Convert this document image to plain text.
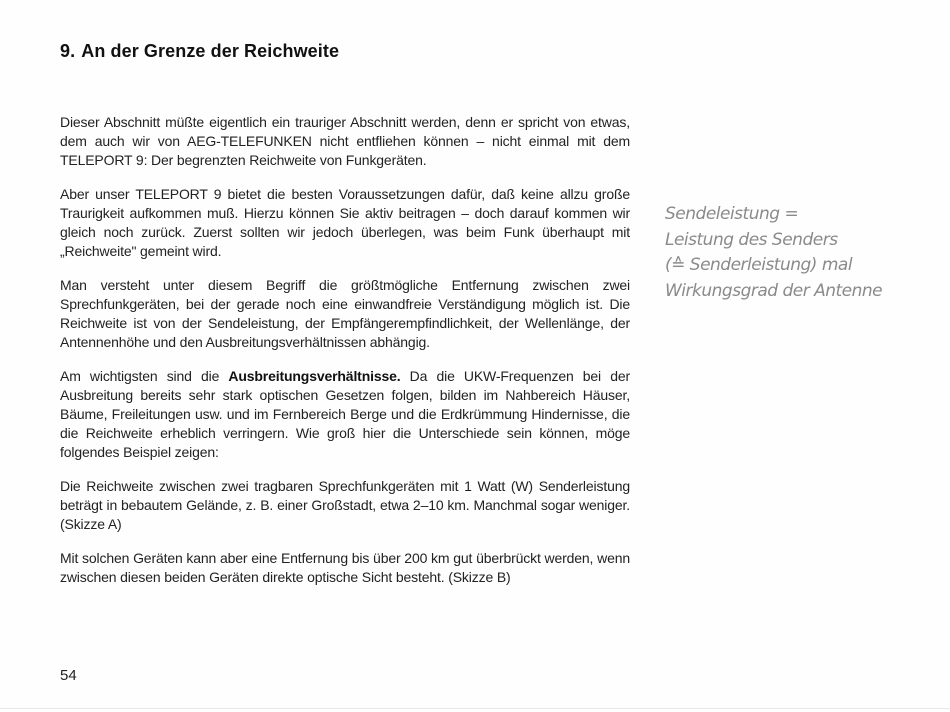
9. An der Grenze der Reichweite

Dieser Abschnitt müßte eigentlich ein trauriger Abschnitt werden, denn er spricht von etwas, dem auch wir von AEG-TELEFUNKEN nicht entfliehen können – nicht einmal mit dem TELEPORT 9: Der begrenzten Reichweite von Funkgeräten.

Aber unser TELEPORT 9 bietet die besten Voraussetzungen dafür, daß keine allzu große Traurigkeit aufkommen muß. Hierzu können Sie aktiv beitragen – doch darauf kommen wir gleich noch zurück. Zuerst sollten wir jedoch überlegen, was beim Funk überhaupt mit „Reichweite" gemeint wird.

Man versteht unter diesem Begriff die größtmögliche Entfernung zwischen zwei Sprechfunkgeräten, bei der gerade noch eine einwandfreie Verständigung möglich ist. Die Reichweite ist von der Sendeleistung, der Empfängerempfindlichkeit, der Wellenlänge, der Antennenhöhe und den Ausbreitungsverhältnissen abhängig.

Am wichtigsten sind die Ausbreitungsverhältnisse. Da die UKW-Frequenzen bei der Ausbreitung bereits sehr stark optischen Gesetzen folgen, bilden im Nahbereich Häuser, Bäume, Freileitungen usw. und im Fernbereich Berge und die Erdkrümmung Hindernisse, die die Reichweite erheblich verringern. Wie groß hier die Unterschiede sein können, möge folgendes Beispiel zeigen:

Die Reichweite zwischen zwei tragbaren Sprechfunkgeräten mit 1 Watt (W) Senderleistung beträgt in bebautem Gelände, z. B. einer Großstadt, etwa 2–10 km. Manchmal sogar weniger. (Skizze A)

Mit solchen Geräten kann aber eine Entfernung bis über 200 km gut überbrückt werden, wenn zwischen diesen beiden Geräten direkte optische Sicht besteht. (Skizze B)

Sendeleistung =
Leistung des Senders
(≙ Senderleistung) mal
Wirkungsgrad der Antenne
54
